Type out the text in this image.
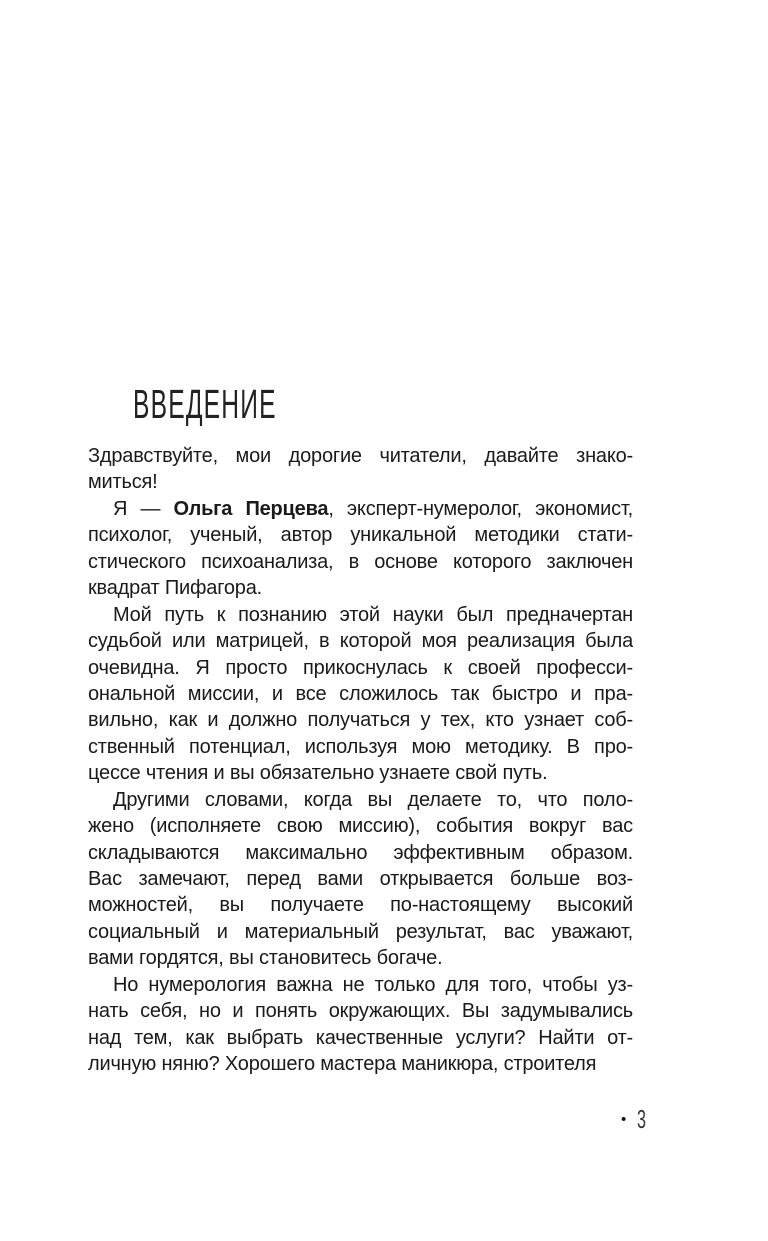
ВВЕДЕНИЕ
Здравствуйте, мои дорогие читатели, давайте знако-
миться!
Я — Ольга Перцева, эксперт-нумеролог, экономист,
психолог, ученый, автор уникальной методики стати-
стического психоанализа, в основе которого заключен
квадрат Пифагора.
Мой путь к познанию этой науки был предначертан
судьбой или матрицей, в которой моя реализация была
очевидна. Я просто прикоснулась к своей професси-
ональной миссии, и все сложилось так быстро и пра-
вильно, как и должно получаться у тех, кто узнает соб-
ственный потенциал, используя мою методику. В про-
цессе чтения и вы обязательно узнаете свой путь.
Другими словами, когда вы делаете то, что поло-
жено (исполняете свою миссию), события вокруг вас
складываются максимально эффективным образом.
Вас замечают, перед вами открывается больше воз-
можностей, вы получаете по-настоящему высокий
социальный и материальный результат, вас уважают,
вами гордятся, вы становитесь богаче.
Но нумерология важна не только для того, чтобы уз-
нать себя, но и понять окружающих. Вы задумывались
над тем, как выбрать качественные услуги? Найти от-
личную няню? Хорошего мастера маникюра, строителя
• 3
